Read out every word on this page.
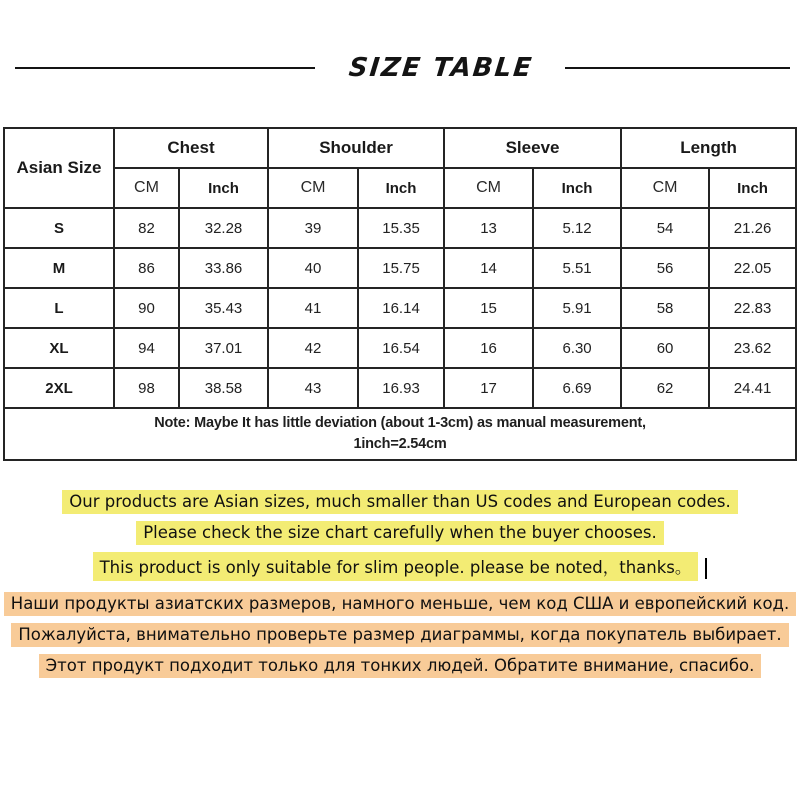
SIZE TABLE
Asian Size	Chest		Shoulder		Sleeve		Length	
	CM	Inch	CM	Inch	CM	Inch	CM	Inch
S	82	32.28	39	15.35	13	5.12	54	21.26
M	86	33.86	40	15.75	14	5.51	56	22.05
L	90	35.43	41	16.14	15	5.91	58	22.83
XL	94	37.01	42	16.54	16	6.30	60	23.62
2XL	98	38.58	43	16.93	17	6.69	62	24.41

Note: Maybe It has little deviation (about 1-3cm) as manual measurement,
1inch=2.54cm								
Our products are Asian sizes, much smaller than US codes and European codes.
Please check the size chart carefully when the buyer chooses.
This product is only suitable for slim people. please be noted，thanks。
Наши продукты азиатских размеров, намного меньше, чем код США и европейский код.
Пожалуйста, внимательно проверьте размер диаграммы, когда покупатель выбирает.
Этот продукт подходит только для тонких людей. Обратите внимание, спасибо.
